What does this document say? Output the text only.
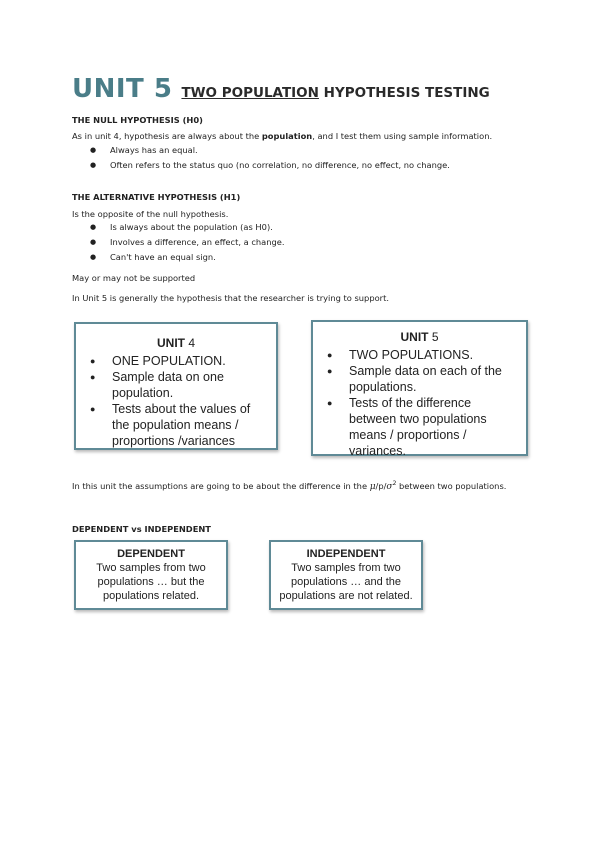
UNIT 5 TWO POPULATION HYPOTHESIS TESTING
THE NULL HYPOTHESIS (H0)
As in unit 4, hypothesis are always about the population, and I test them using sample information.
● Always has an equal.
● Often refers to the status quo (no correlation, no difference, no effect, no change.
THE ALTERNATIVE HYPOTHESIS (H1)
Is the opposite of the null hypothesis.
● Is always about the population (as H0).
● Involves a difference, an effect, a change.
● Can't have an equal sign.
May or may not be supported
In Unit 5 is generally the hypothesis that the researcher is trying to support.
UNIT 4
● ONE POPULATION.
● Sample data on one population.
● Tests about the values of the population means / proportions /variances
UNIT 5
● TWO POPULATIONS.
● Sample data on each of the populations.
● Tests of the difference between two populations means / proportions / variances.
In this unit the assumptions are going to be about the difference in the $\mu/p/\sigma^2$ between two populations.
DEPENDENT vs INDEPENDENT
DEPENDENT
Two samples from two
populations … but the
populations related.
INDEPENDENT
Two samples from two
populations … and the
populations are not related.
